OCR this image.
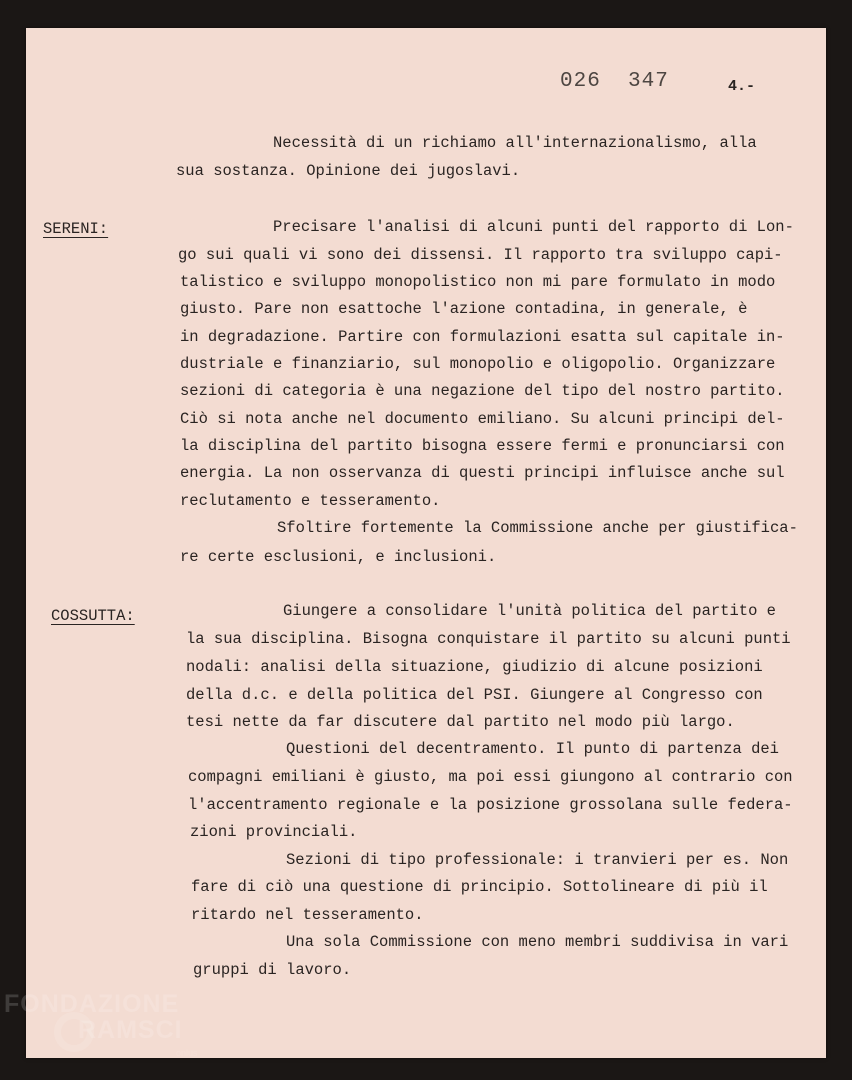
026  347	4.-
Necessità di un richiamo all'internazionalismo, alla
sua sostanza. Opinione dei jugoslavi.
SERENI:	Precisare l'analisi di alcuni punti del rapporto di Lon-
go sui quali vi sono dei dissensi. Il rapporto tra sviluppo capi-
talistico e sviluppo monopolistico non mi pare formulato in modo
giusto. Pare non esattoche l'azione contadina, in generale, è
in degradazione. Partire con formulazioni esatta sul capitale in-
dustriale e finanziario, sul monopolio e oligopolio. Organizzare
sezioni di categoria è una negazione del tipo del nostro partito.
Ciò si nota anche nel documento emiliano. Su alcuni principi del-
la disciplina del partito bisogna essere fermi e pronunciarsi con
energia. La non osservanza di questi principi influisce anche sul
reclutamento e tesseramento.
Sfoltire fortemente la Commissione anche per giustifica-
re certe esclusioni, e inclusioni.
COSSUTTA:	Giungere a consolidare l'unità politica del partito e
la sua disciplina. Bisogna conquistare il partito su alcuni punti
nodali: analisi della situazione, giudizio di alcune posizioni
della d.c. e della politica del PSI. Giungere al Congresso con
tesi nette da far discutere dal partito nel modo più largo.
Questioni del decentramento. Il punto di partenza dei
compagni emiliani è giusto, ma poi essi giungono al contrario con
l'accentramento regionale e la posizione grossolana sulle federa-
zioni provinciali.
Sezioni di tipo professionale: i tranvieri per es. Non
fare di ciò una questione di principio. Sottolineare di più il
ritardo nel tesseramento.
Una sola Commissione con meno membri suddivisa in vari
gruppi di lavoro.
FONDAZIONE
RAMSCI
onlus
